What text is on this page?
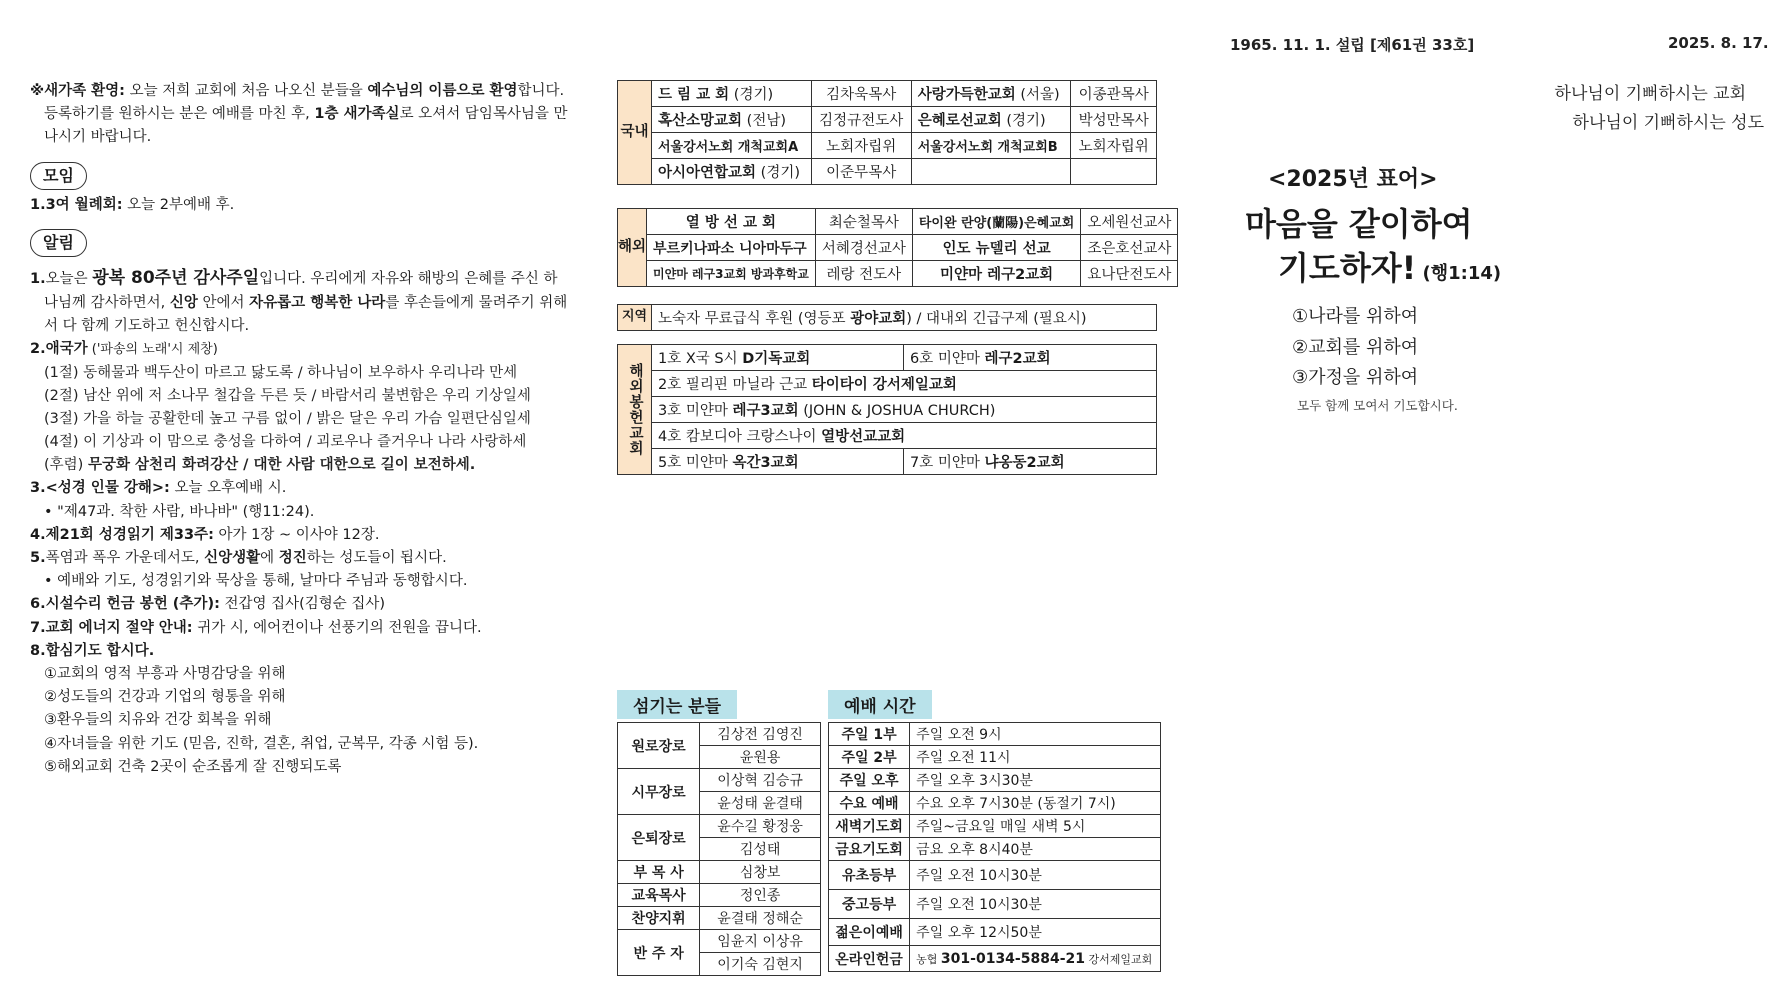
1965. 11. 1. 설립 [제61권 33호]	2025. 8. 17.

※새가족 환영: 오늘 저희 교회에 처음 나오신 분들을 예수님의 이름으로 환영합니다. 등록하기를 원하시는 분은 예배를 마친 후, 1층 새가족실로 오셔서 담임목사님을 만나시기 바랍니다.

모임

1.3여 월례회: 오늘 2부예배 후.

알림

1.오늘은 광복 80주년 감사주일입니다. 우리에게 자유와 해방의 은혜를 주신 하나님께 감사하면서, 신앙 안에서 자유롭고 행복한 나라를 후손들에게 물려주기 위해서 다 함께 기도하고 헌신합시다.

2.애국가 ('파송의 노래'시 제창)

(1절) 동해물과 백두산이 마르고 닳도록 / 하나님이 보우하사 우리나라 만세

(2절) 남산 위에 저 소나무 철갑을 두른 듯 / 바람서리 불변함은 우리 기상일세

(3절) 가을 하늘 공활한데 높고 구름 없이 / 밝은 달은 우리 가슴 일편단심일세

(4절) 이 기상과 이 맘으로 충성을 다하여 / 괴로우나 즐거우나 나라 사랑하세

(후렴) 무궁화 삼천리 화려강산 / 대한 사람 대한으로 길이 보전하세.

3.<성경 인물 강해>: 오늘 오후예배 시.

• "제47과. 착한 사람, 바나바" (행11:24).

4.제21회 성경읽기 제33주: 아가 1장 ~ 이사야 12장.

5.폭염과 폭우 가운데서도, 신앙생활에 정진하는 성도들이 됩시다.

• 예배와 기도, 성경읽기와 묵상을 통해, 날마다 주님과 동행합시다.

6.시설수리 헌금 봉헌 (추가): 전갑영 집사(김형순 집사)

7.교회 에너지 절약 안내: 귀가 시, 에어컨이나 선풍기의 전원을 끕니다.

8.합심기도 합시다.

①교회의 영적 부흥과 사명감당을 위해

②성도들의 건강과 기업의 형통을 위해

③환우들의 치유와 건강 회복을 위해

④자녀들을 위한 기도 (믿음, 진학, 결혼, 취업, 군복무, 각종 시험 등).

⑤해외교회 건축 2곳이 순조롭게 잘 진행되도록

국내	드 림 교 회 (경기)	김차욱목사	사랑가득한교회 (서울)	이종관목사
	혹산소망교회 (전남)	김정규전도사	은혜로선교회 (경기)	박성만목사
	서울강서노회 개척교회A	노회자립위	서울강서노회 개척교회B	노회자립위
	아시아연합교회 (경기)	이준무목사		
해외	열 방 선 교 회	최순철목사	타이완 란양(蘭陽)은혜교회	오세원선교사
	부르키나파소 니아마두구	서혜경선교사	인도 뉴델리 선교	조은호선교사
	미얀마 레구3교회 방과후학교	레랑 전도사	미얀마 레구2교회	요나단전도사
지역	노숙자 무료급식 후원 (영등포 광야교회) / 대내외 긴급구제 (필요시)
해외봉헌교회	1호 X국 S시 D기독교회	6호 미얀마 레구2교회
	2호 필리핀 마닐라 근교 타이타이 강서제일교회	
	3호 미얀마 레구3교회 (JOHN & JOSHUA CHURCH)	
	4호 캄보디아 크랑스나이 열방선교교회	
	5호 미얀마 옥간3교회	7호 미얀마 냐옹동2교회
섬기는 분들
원로장로	김상전 김영진
	윤원용
시무장로	이상혁 김승규
	윤성태 윤결태
은퇴장로	윤수길 황정웅
	김성태
부 목 사	심창보
교육목사	정인종
찬양지휘	윤결태 정해순
반 주 자	임윤지 이상유
	이기숙 김현지
예배 시간
주일 1부	주일 오전 9시
주일 2부	주일 오전 11시
주일 오후	주일 오후 3시30분
수요 예배	수요 오후 7시30분 (동절기 7시)
새벽기도회	주일~금요일 매일 새벽 5시
금요기도회	금요 오후 8시40분
유초등부	주일 오전 10시30분
중고등부	주일 오전 10시30분
젊은이예배	주일 오후 12시50분
온라인헌금	농협 301-0134-5884-21 강서제일교회
하나님이 기뻐하시는 교회
하나님이 기뻐하시는 성도
<2025년 표어>
마음을 같이하여
기도하자! (행1:14)
①나라를 위하여
②교회를 위하여
③가정을 위하여
모두 함께 모여서 기도합시다.
